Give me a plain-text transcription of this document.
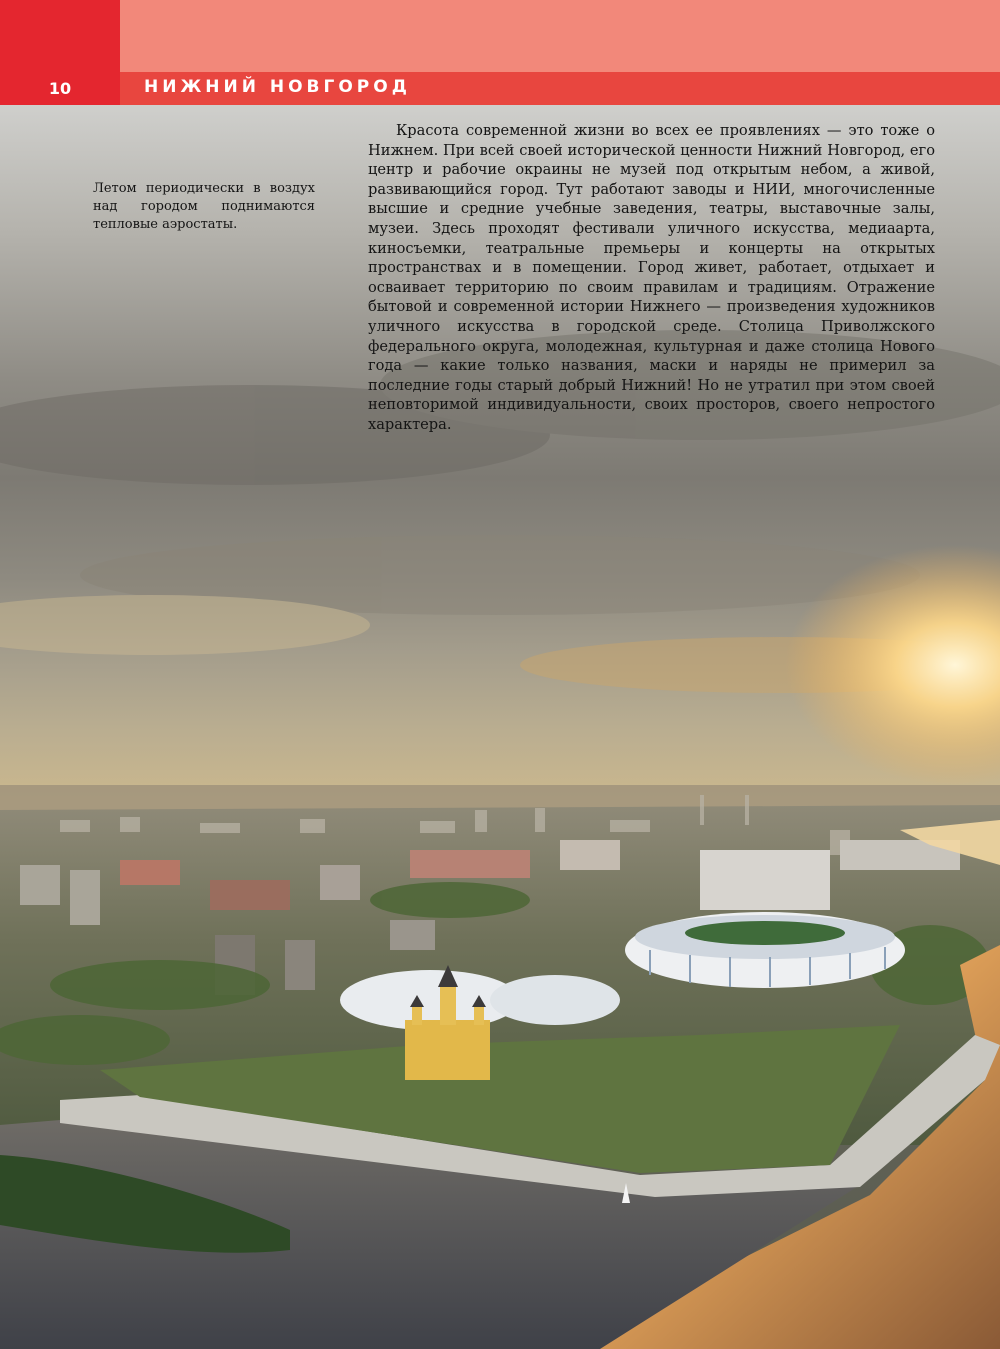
10	НИЖНИЙ НОВГОРОД
Летом периодически в воздух над городом поднимаются тепловые аэростаты.
Красота современной жизни во всех ее проявлениях — это тоже о Нижнем. При всей своей исторической ценности Нижний Новгород, его центр и рабочие окраины не музей под открытым небом, а живой, развивающийся город. Тут работают заводы и НИИ, многочисленные высшие и средние учебные заведения, театры, выставочные залы, музеи. Здесь проходят фестивали уличного искусства, медиаарта, киносъемки, театральные премьеры и концерты на открытых пространствах и в помещении. Город живет, работает, отдыхает и осваивает территорию по своим правилам и традициям. Отражение бытовой и современной истории Нижнего — произведения художников уличного искусства в городской среде. Столица Приволжского федерального округа, молодежная, культурная и даже столица Нового года — какие только названия, маски и наряды не примерил за последние годы старый добрый Нижний! Но не утратил при этом своей неповторимой индивидуальности, своих просторов, своего непростого характера.
